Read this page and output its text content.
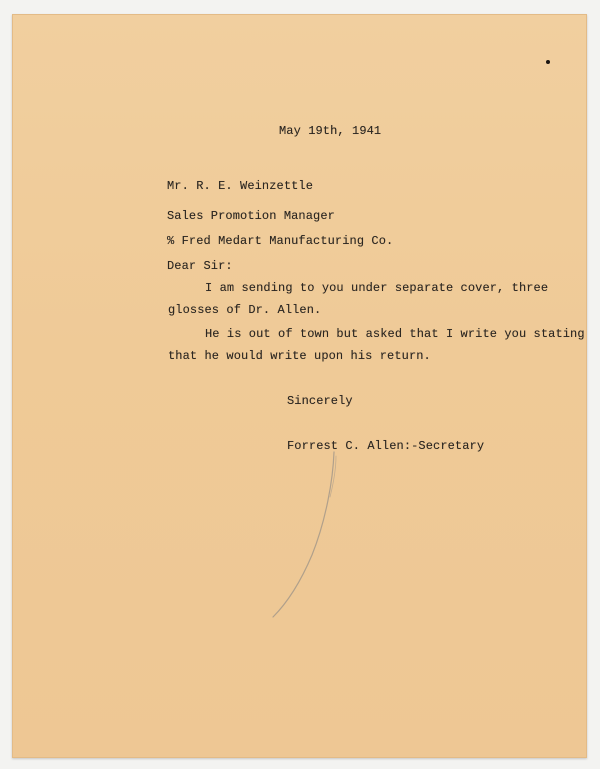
May 19th, 1941
Mr. R. E. Weinzettle
Sales Promotion Manager
% Fred Medart Manufacturing Co.
Dear Sir:
I am sending to you under separate cover, three
glosses of Dr. Allen.
He is out of town but asked that I write you stating
that he would write upon his return.
Sincerely
Forrest C. Allen:-Secretary
